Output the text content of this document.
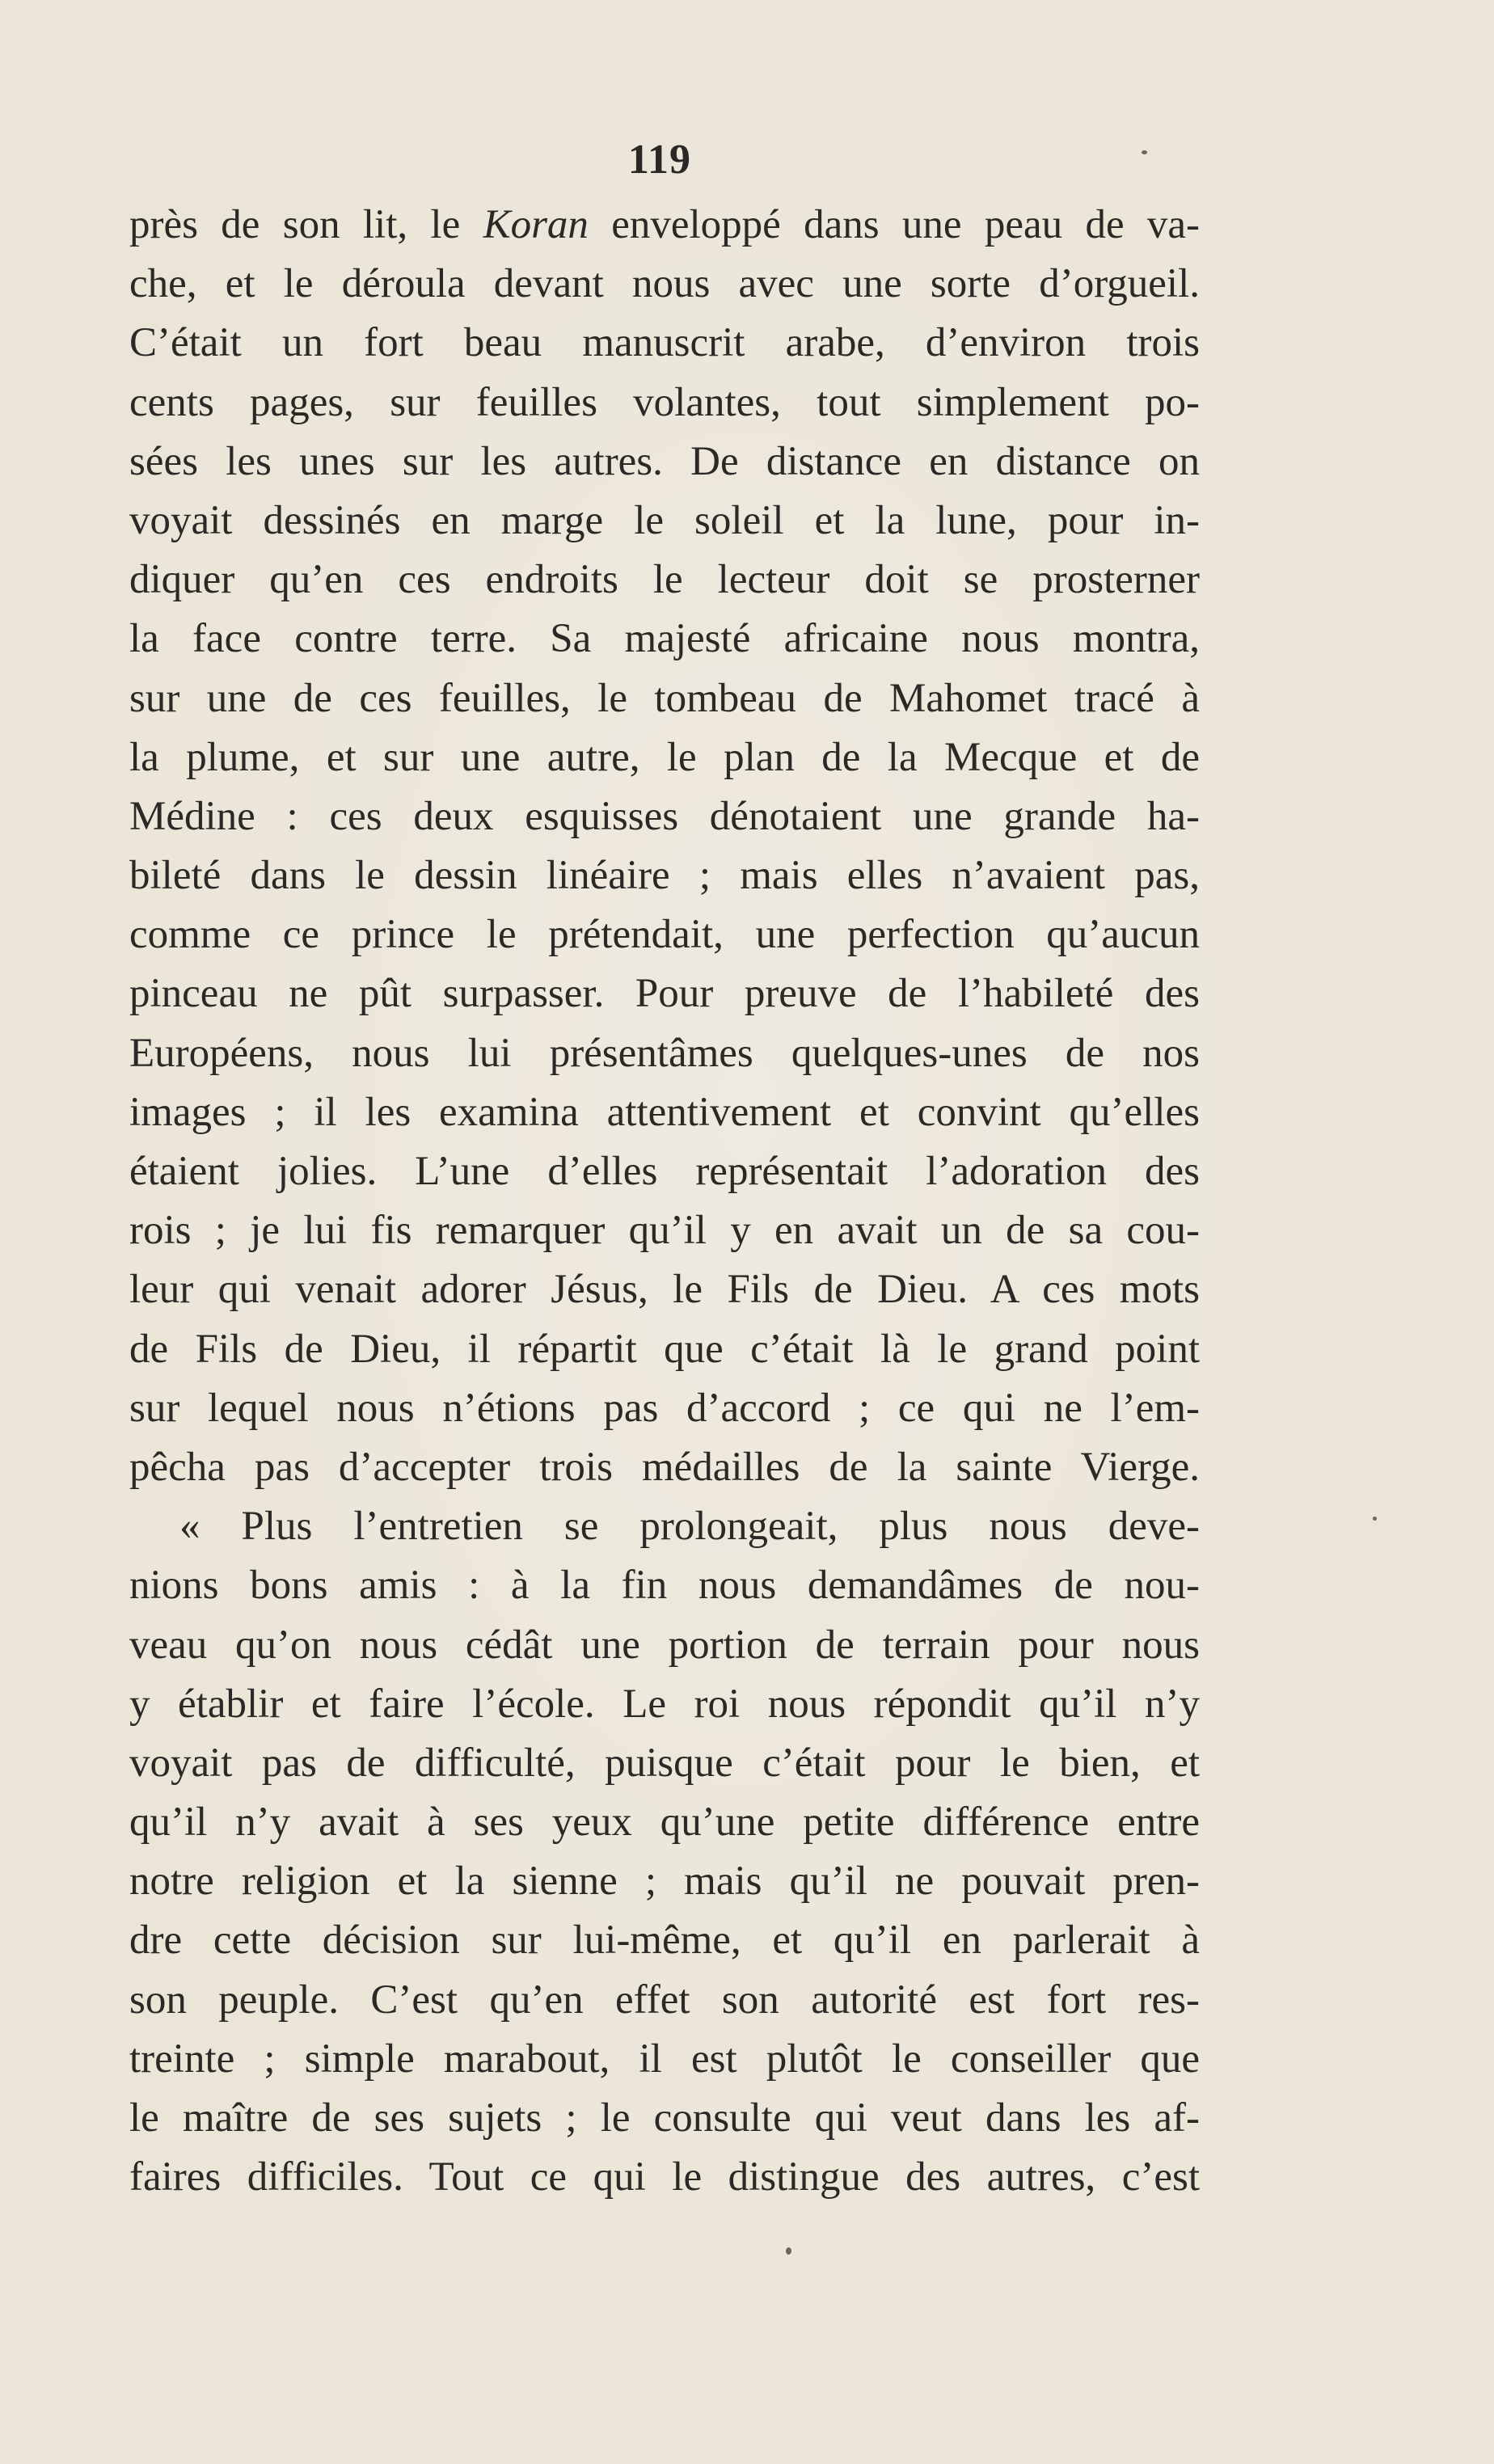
119
près de son lit, le Koran enveloppé dans une peau de va-
che, et le déroula devant nous avec une sorte d’orgueil.
C’était un fort beau manuscrit arabe, d’environ trois
cents pages, sur feuilles volantes, tout simplement po-
sées les unes sur les autres. De distance en distance on
voyait dessinés en marge le soleil et la lune, pour in-
diquer qu’en ces endroits le lecteur doit se prosterner
la face contre terre. Sa majesté africaine nous montra,
sur une de ces feuilles, le tombeau de Mahomet tracé à
la plume, et sur une autre, le plan de la Mecque et de
Médine : ces deux esquisses dénotaient une grande ha-
bileté dans le dessin linéaire ; mais elles n’avaient pas,
comme ce prince le prétendait, une perfection qu’aucun
pinceau ne pût surpasser. Pour preuve de l’habileté des
Européens, nous lui présentâmes quelques-unes de nos
images ; il les examina attentivement et convint qu’elles
étaient jolies. L’une d’elles représentait l’adoration des
rois ; je lui fis remarquer qu’il y en avait un de sa cou-
leur qui venait adorer Jésus, le Fils de Dieu. A ces mots
de Fils de Dieu, il répartit que c’était là le grand point
sur lequel nous n’étions pas d’accord ; ce qui ne l’em-
pêcha pas d’accepter trois médailles de la sainte Vierge.
« Plus l’entretien se prolongeait, plus nous deve-
nions bons amis : à la fin nous demandâmes de nou-
veau qu’on nous cédât une portion de terrain pour nous
y établir et faire l’école. Le roi nous répondit qu’il n’y
voyait pas de difficulté, puisque c’était pour le bien, et
qu’il n’y avait à ses yeux qu’une petite différence entre
notre religion et la sienne ; mais qu’il ne pouvait pren-
dre cette décision sur lui-même, et qu’il en parlerait à
son peuple. C’est qu’en effet son autorité est fort res-
treinte ; simple marabout, il est plutôt le conseiller que
le maître de ses sujets ; le consulte qui veut dans les af-
faires difficiles. Tout ce qui le distingue des autres, c’est
